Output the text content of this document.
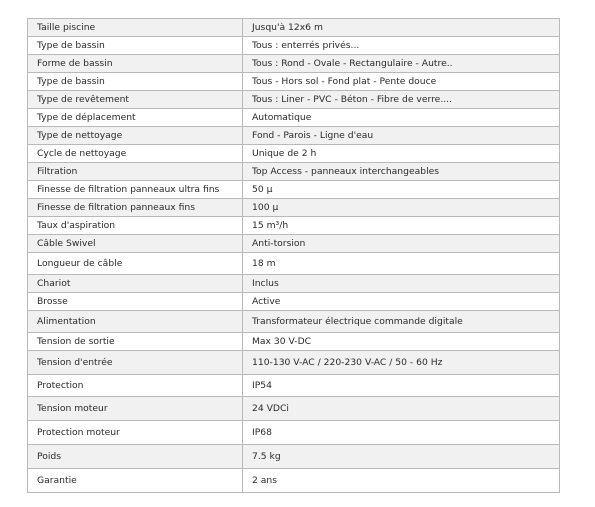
Taille piscine	Jusqu'à 12x6 m
Type de bassin	Tous : enterrés privés...
Forme de bassin	Tous : Rond - Ovale - Rectangulaire - Autre..
Type de bassin	Tous - Hors sol - Fond plat - Pente douce
Type de revêtement	Tous : Liner - PVC - Béton - Fibre de verre....
Type de déplacement	Automatique
Type de nettoyage	Fond - Parois - Ligne d'eau
Cycle de nettoyage	Unique de 2 h
Filtration	Top Access - panneaux interchangeables
Finesse de filtration panneaux ultra fins	50 µ
Finesse de filtration panneaux fins	100 µ
Taux d'aspiration	15 m³/h
Câble Swivel	Anti-torsion
Longueur de câble	18 m
Chariot	Inclus
Brosse	Active
Alimentation	Transformateur électrique commande digitale
Tension de sortie	Max 30 V-DC
Tension d'entrée	110-130 V-AC / 220-230 V-AC / 50 - 60 Hz
Protection	IP54
Tension moteur	24 VDCi
Protection moteur	IP68
Poids	7.5 kg
Garantie	2 ans
